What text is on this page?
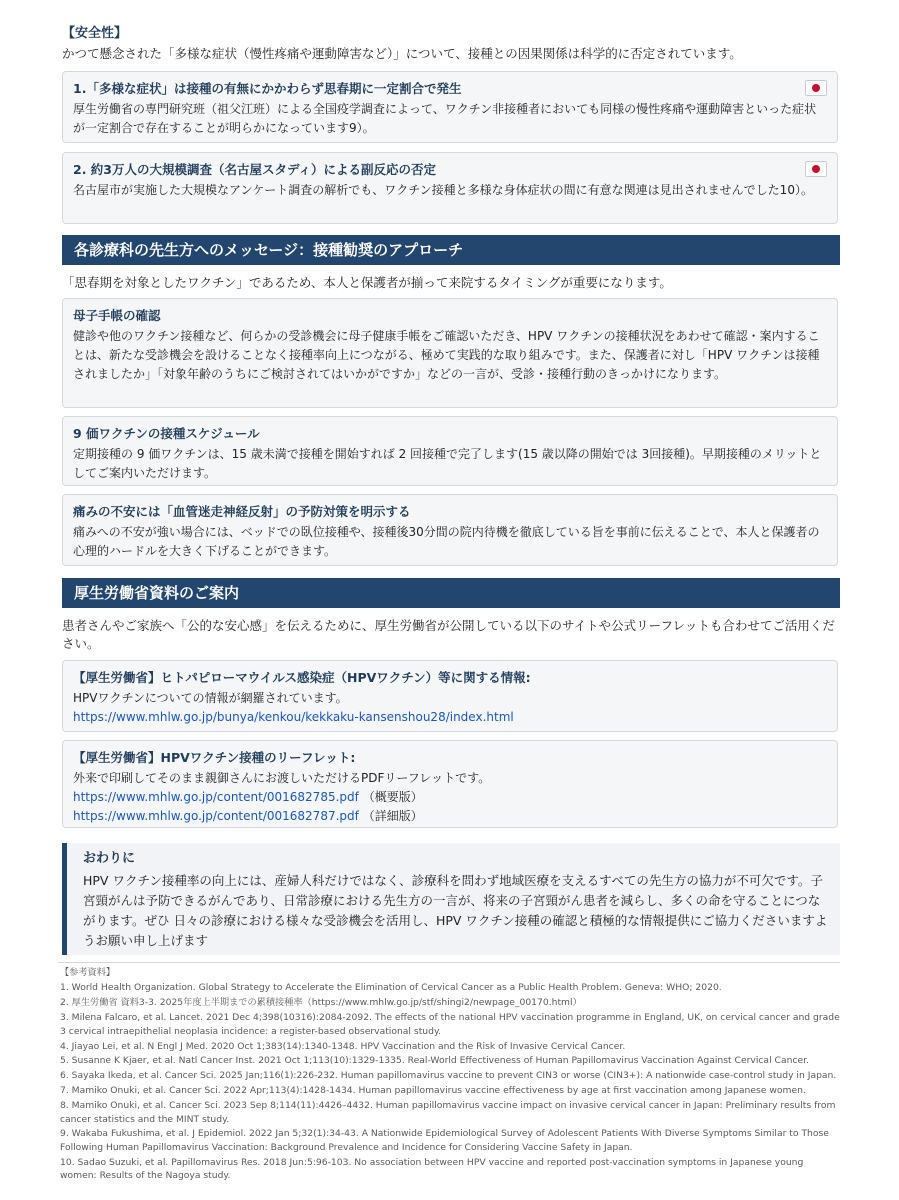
【安全性】
かつて懸念された「多様な症状（慢性疼痛や運動障害など）」について、接種との因果関係は科学的に否定されています。
1.「多様な症状」は接種の有無にかかわらず思春期に一定割合で発生
厚生労働省の専門研究班（祖父江班）による全国疫学調査によって、ワクチン非接種者においても同様の慢性疼痛や運動障害といった症状が一定割合で存在することが明らかになっています9）。
2. 約3万人の大規模調査（名古屋スタディ）による副反応の否定
名古屋市が実施した大規模なアンケート調査の解析でも、ワクチン接種と多様な身体症状の間に有意な関連は見出されませんでした10）。
各診療科の先生方へのメッセージ：接種勧奨のアプローチ
「思春期を対象としたワクチン」であるため、本人と保護者が揃って来院するタイミングが重要になります。
母子手帳の確認
健診や他のワクチン接種など、何らかの受診機会に母子健康手帳をご確認いただき、HPV ワクチンの接種状況をあわせて確認・案内することは、新たな受診機会を設けることなく接種率向上につながる、極めて実践的な取り組みです。また、保護者に対し「HPV ワクチンは接種されましたか」「対象年齢のうちにご検討されてはいかがですか」などの一言が、受診・接種行動のきっかけになります。
9 価ワクチンの接種スケジュール
定期接種の 9 価ワクチンは、15 歳未満で接種を開始すれば 2 回接種で完了します(15 歳以降の開始では 3回接種)。早期接種のメリットとしてご案内いただけます。
痛みの不安には「血管迷走神経反射」の予防対策を明示する
痛みへの不安が強い場合には、ベッドでの臥位接種や、接種後30分間の院内待機を徹底している旨を事前に伝えることで、本人と保護者の心理的ハードルを大きく下げることができます。
厚生労働省資料のご案内
患者さんやご家族へ「公的な安心感」を伝えるために、厚生労働省が公開している以下のサイトや公式リーフレットも合わせてご活用ください。
【厚生労働省】ヒトパピローマウイルス感染症（HPVワクチン）等に関する情報:
HPVワクチンについての情報が網羅されています。
https://www.mhlw.go.jp/bunya/kenkou/kekkaku-kansenshou28/index.html
【厚生労働省】HPVワクチン接種のリーフレット:
外来で印刷してそのまま親御さんにお渡しいただけるPDFリーフレットです。
https://www.mhlw.go.jp/content/001682785.pdf （概要版）
https://www.mhlw.go.jp/content/001682787.pdf （詳細版）
おわりに
HPV ワクチン接種率の向上には、産婦人科だけではなく、診療科を問わず地域医療を支えるすべての先生方の協力が不可欠です。子宮頸がんは予防できるがんであり、日常診療における先生方の一言が、将来の子宮頸がん患者を減らし、多くの命を守ることにつながります。ぜひ 日々の診療における様々な受診機会を活用し、HPV ワクチン接種の確認と積極的な情報提供にご協力くださいますようお願い申し上げます
【参考資料】
1. World Health Organization. Global Strategy to Accelerate the Elimination of Cervical Cancer as a Public Health Problem. Geneva: WHO; 2020.
2. 厚生労働省 資料3-3. 2025年度上半期までの累積接種率（https://www.mhlw.go.jp/stf/shingi2/newpage_00170.html）
3. Milena Falcaro, et al. Lancet. 2021 Dec 4;398(10316):2084-2092. The effects of the national HPV vaccination programme in England, UK, on cervical cancer and grade 3 cervical intraepithelial neoplasia incidence: a register-based observational study.
4. Jiayao Lei, et al. N Engl J Med. 2020 Oct 1;383(14):1340-1348. HPV Vaccination and the Risk of Invasive Cervical Cancer.
5. Susanne K Kjaer, et al. Natl Cancer Inst. 2021 Oct 1;113(10):1329-1335. Real-World Effectiveness of Human Papillomavirus Vaccination Against Cervical Cancer.
6. Sayaka Ikeda, et al. Cancer Sci. 2025 Jan;116(1):226-232. Human papillomavirus vaccine to prevent CIN3 or worse (CIN3+): A nationwide case-control study in Japan.
7. Mamiko Onuki, et al. Cancer Sci. 2022 Apr;113(4):1428-1434. Human papillomavirus vaccine effectiveness by age at first vaccination among Japanese women.
8. Mamiko Onuki, et al. Cancer Sci. 2023 Sep 8;114(11):4426–4432. Human papillomavirus vaccine impact on invasive cervical cancer in Japan: Preliminary results from cancer statistics and the MINT study.
9. Wakaba Fukushima, et al. J Epidemiol. 2022 Jan 5;32(1):34-43. A Nationwide Epidemiological Survey of Adolescent Patients With Diverse Symptoms Similar to Those Following Human Papillomavirus Vaccination: Background Prevalence and Incidence for Considering Vaccine Safety in Japan.
10. Sadao Suzuki, et al. Papillomavirus Res. 2018 Jun:5:96-103. No association between HPV vaccine and reported post-vaccination symptoms in Japanese young women: Results of the Nagoya study.
